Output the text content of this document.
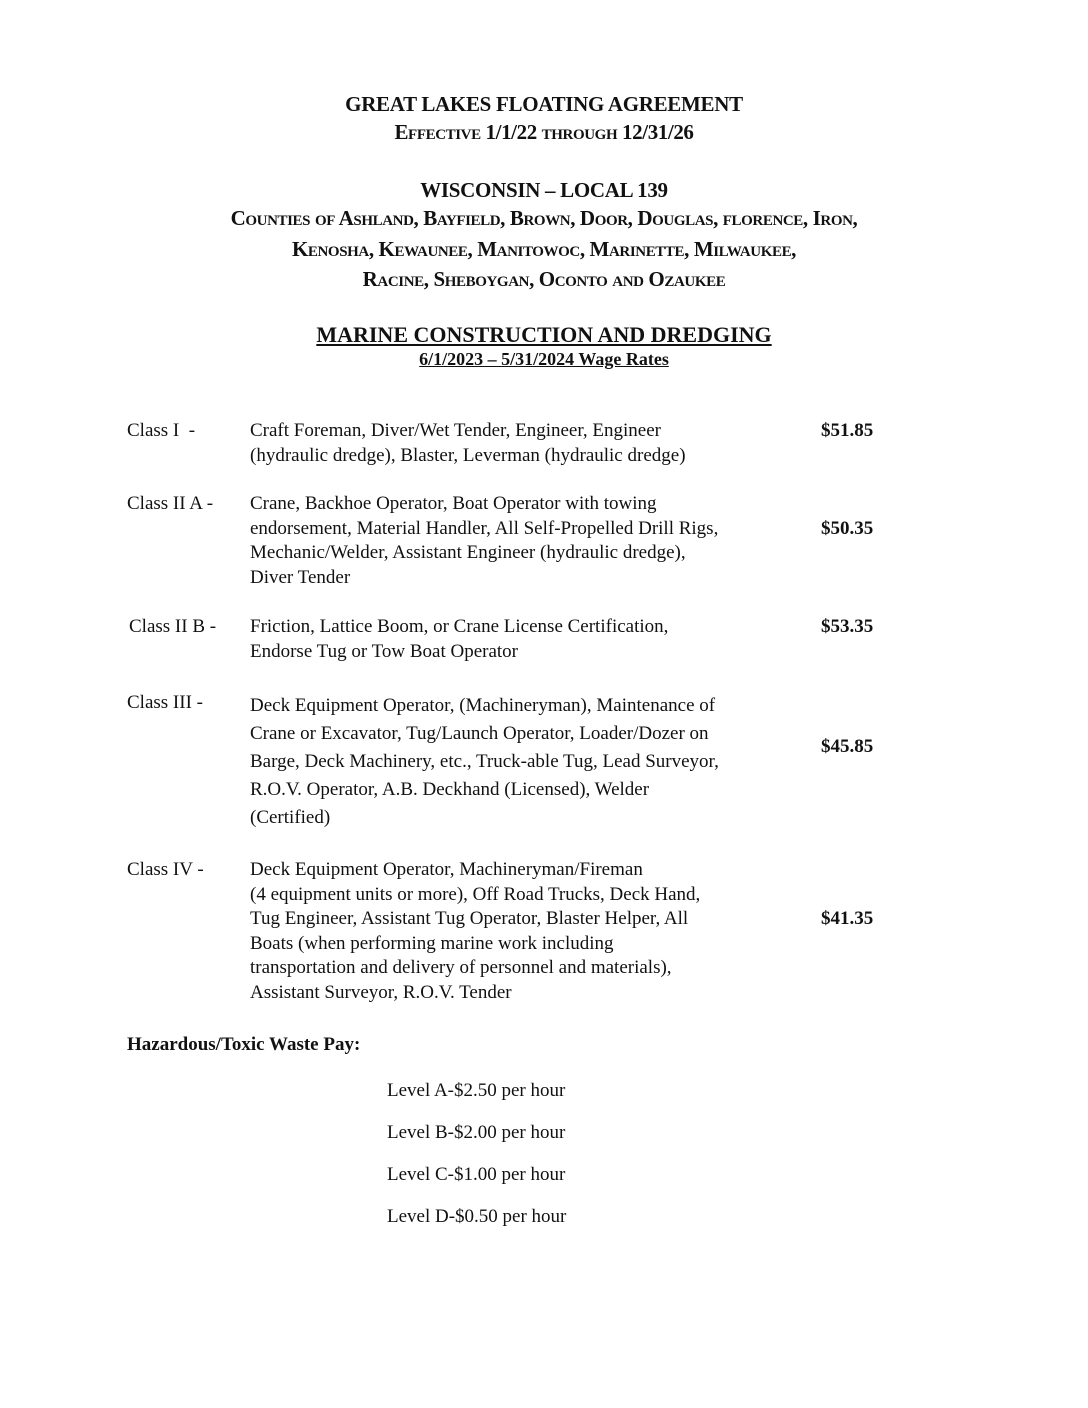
GREAT LAKES FLOATING AGREEMENT
Effective 1/1/22 through 12/31/26
WISCONSIN – LOCAL 139
Counties of Ashland, Bayfield, Brown, Door, Douglas, florence, Iron,
Kenosha, Kewaunee, Manitowoc, Marinette, Milwaukee,
Racine, Sheboygan, Oconto and Ozaukee
MARINE CONSTRUCTION AND DREDGING
6/1/2023 – 5/31/2024 Wage Rates
Class I  -	Craft Foreman, Diver/Wet Tender, Engineer, Engineer
(hydraulic dredge), Blaster, Leverman (hydraulic dredge)
$51.85
Class II A - Crane, Backhoe Operator, Boat Operator with towing
endorsement, Material Handler, All Self-Propelled Drill Rigs,
Mechanic/Welder, Assistant Engineer (hydraulic dredge),
Diver Tender
$50.35
Class II B - Friction, Lattice Boom, or Crane License Certification,
Endorse Tug or Tow Boat Operator
$53.35
Class III - Deck Equipment Operator, (Machineryman), Maintenance of
Crane or Excavator, Tug/Launch Operator, Loader/Dozer on
Barge, Deck Machinery, etc., Truck-able Tug, Lead Surveyor,
R.O.V. Operator, A.B. Deckhand (Licensed), Welder
(Certified)
$45.85
Class IV - Deck Equipment Operator, Machineryman/Fireman
(4 equipment units or more), Off Road Trucks, Deck Hand,
Tug Engineer, Assistant Tug Operator, Blaster Helper, All
Boats (when performing marine work including
transportation and delivery of personnel and materials),
Assistant Surveyor, R.O.V. Tender
$41.35
Hazardous/Toxic Waste Pay:
Level A-$2.50 per hour
Level B-$2.00 per hour
Level C-$1.00 per hour
Level D-$0.50 per hour
